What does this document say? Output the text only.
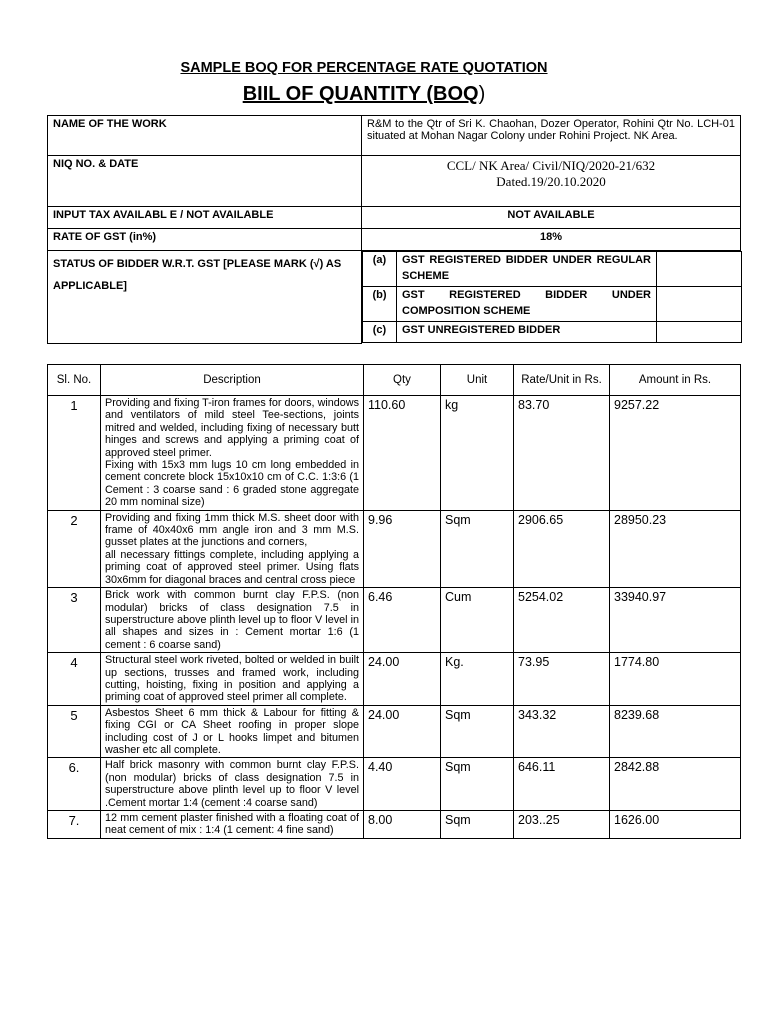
SAMPLE BOQ FOR PERCENTAGE RATE QUOTATION
BIIL OF QUANTITY (BOQ)
NAME OF THE WORK	R&M to the Qtr of Sri K. Chaohan, Dozer Operator, Rohini Qtr No. LCH-01 situated at Mohan Nagar Colony under Rohini Project. NK Area.
NIQ NO. & DATE	CCL/ NK Area/ Civil/NIQ/2020-21/632
Dated.19/20.10.2020

INPUT TAX AVAILABL E / NOT AVAILABLE	NOT AVAILABLE
RATE OF GST (in%)	18%
STATUS OF BIDDER W.R.T. GST [PLEASE MARK (√) AS APPLICABLE]	
(a)	GST REGISTERED BIDDER UNDER REGULAR SCHEME	
(b)	GST REGISTERED BIDDER UNDER COMPOSITION SCHEME	
(c)	GST UNREGISTERED BIDDER	
Sl. No.	Description	Qty	Unit	Rate/Unit in Rs.	Amount in Rs.
1	Providing and fixing T-iron frames for doors, windows and ventilators of mild steel Tee-sections, joints mitred and welded, including fixing of necessary butt hinges and screws and applying a priming coat of approved steel primer.
Fixing with 15x3 mm lugs 10 cm long embedded in cement concrete block 15x10x10 cm of C.C. 1:3:6 (1 Cement : 3 coarse sand : 6 graded stone aggregate 20 mm nominal size)	110.60	kg	83.70	9257.22
2	Providing and fixing 1mm thick M.S. sheet door with frame of 40x40x6 mm angle iron and 3 mm M.S. gusset plates at the junctions and corners,
all necessary fittings complete, including applying a priming coat of approved steel primer. Using flats 30x6mm for diagonal braces and central cross piece	9.96	Sqm	2906.65	28950.23
3	Brick work with common burnt clay F.P.S. (non modular) bricks of class designation 7.5 in superstructure above plinth level up to floor V level in all shapes and sizes in : Cement mortar 1:6 (1 cement : 6 coarse sand)	6.46	Cum	5254.02	33940.97
4	Structural steel work riveted, bolted or welded in built up sections, trusses and framed work, including cutting, hoisting, fixing in position and applying a priming coat of approved steel primer all complete.	24.00	Kg.	73.95	1774.80
5	Asbestos Sheet 6 mm thick & Labour for fitting & fixing CGI or CA Sheet roofing in proper slope including cost of J or L hooks limpet and bitumen washer etc all complete.	24.00	Sqm	343.32	8239.68
6.	Half brick masonry with common burnt clay F.P.S. (non modular) bricks of class designation 7.5 in superstructure above plinth level up to floor V level .Cement mortar 1:4 (cement :4 coarse sand)	4.40	Sqm	646.11	2842.88
7.	12 mm cement plaster finished with a floating coat of neat cement of mix : 1:4 (1 cement: 4 fine sand)	8.00	Sqm	203..25	1626.00
